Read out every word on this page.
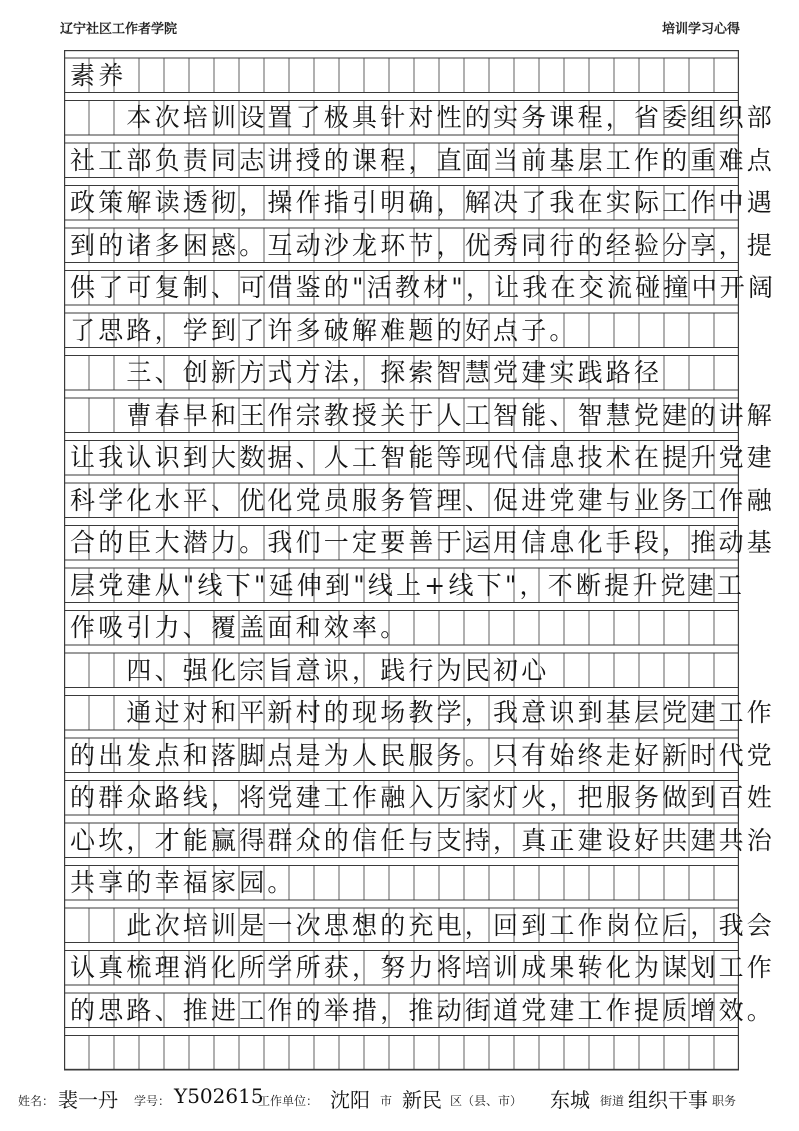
辽宁社区工作者学院	培训学习心得
素养
　　本次培训设置了极具针对性的实务课程，省委组织部
社工部负责同志讲授的课程，直面当前基层工作的重难点
政策解读透彻，操作指引明确，解决了我在实际工作中遇
到的诸多困惑。互动沙龙环节，优秀同行的经验分享，提
供了可复制、可借鉴的"活教材"，让我在交流碰撞中开阔
了思路，学到了许多破解难题的好点子。
　　三、创新方式方法，探索智慧党建实践路径
　　曹春早和王作宗教授关于人工智能、智慧党建的讲解
让我认识到大数据、人工智能等现代信息技术在提升党建
科学化水平、优化党员服务管理、促进党建与业务工作融
合的巨大潜力。我们一定要善于运用信息化手段，推动基
层党建从"线下"延伸到"线上+线下"，不断提升党建工
作吸引力、覆盖面和效率。
　　四、强化宗旨意识，践行为民初心
　　通过对和平新村的现场教学，我意识到基层党建工作
的出发点和落脚点是为人民服务。只有始终走好新时代党
的群众路线，将党建工作融入万家灯火，把服务做到百姓
心坎，才能赢得群众的信任与支持，真正建设好共建共治
共享的幸福家园。
　　此次培训是一次思想的充电，回到工作岗位后，我会
认真梳理消化所学所获，努力将培训成果转化为谋划工作
的思路、推进工作的举措，推动街道党建工作提质增效。
姓名： 裴一丹 学号： Y502615
工作单位： 沈阳 市 新民 区（县、市） 东城 街道 组织干事 职务
